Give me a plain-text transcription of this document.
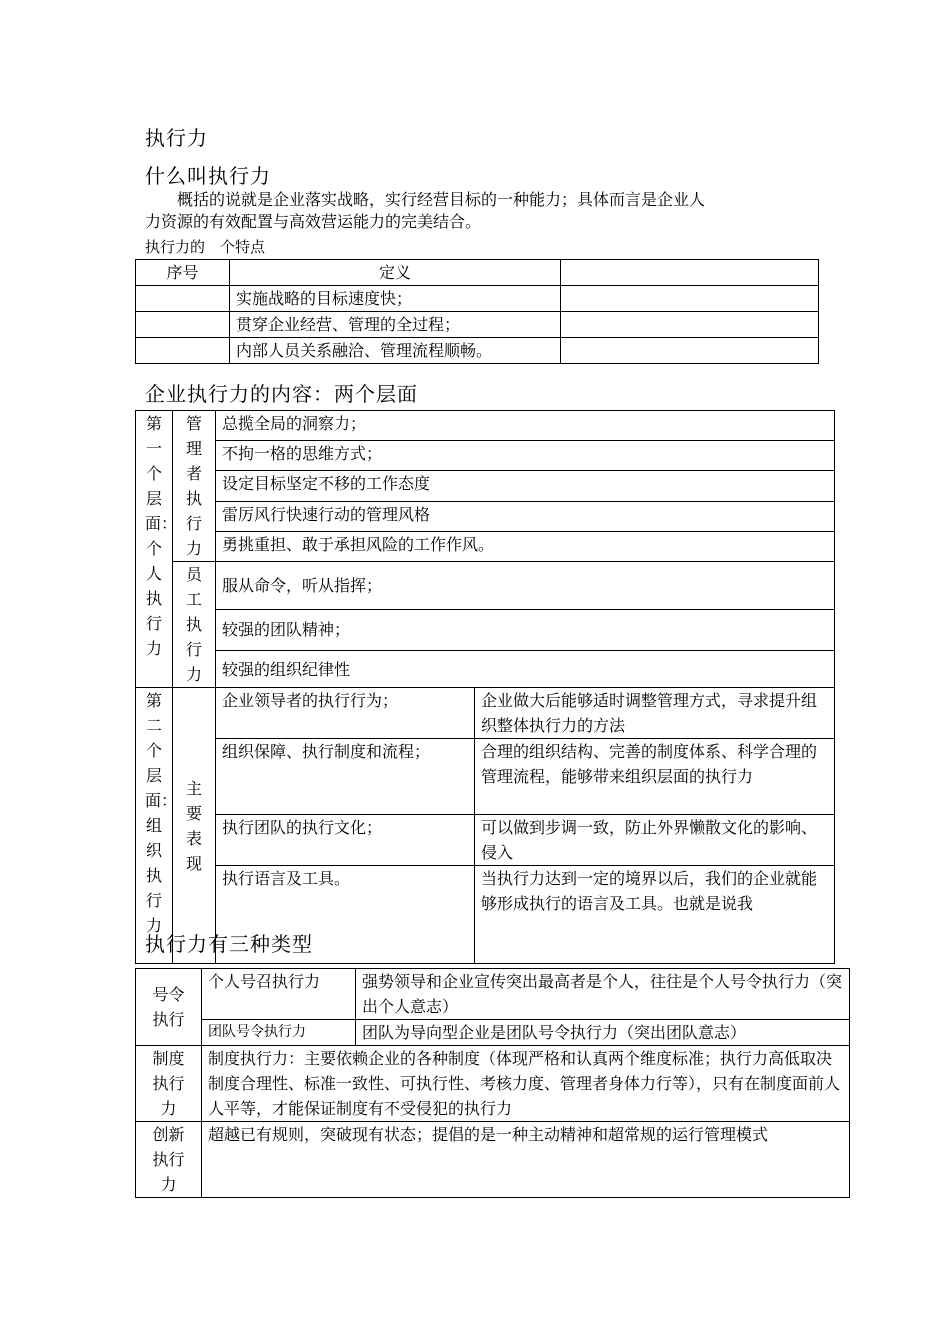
执行力
什么叫执行力
概括的说就是企业落实战略，实行经营目标的一种能力；具体而言是企业人
力资源的有效配置与高效营运能力的完美结合。
执行力的　个特点
序号	定义	
	实施战略的目标速度快；	
	贯穿企业经营、管理的全过程；	
	内部人员关系融洽、管理流程顺畅。	
企业执行力的内容：两个层面
第一个层面：个人执行力	管理者执行力	总揽全局的洞察力；	
		不拘一格的思维方式；	
		设定目标坚定不移的工作态度	
		雷厉风行快速行动的管理风格	
		勇挑重担、敢于承担风险的工作作风。	

	员工执行力	服从命令，听从指挥；	
		较强的团队精神；	
		较强的组织纪律性	

第二个层面：组织执行力	主要表现	企业领导者的执行行为；	企业做大后能够适时调整管理方式，寻求提升组织整体执行力的方法
		组织保障、执行制度和流程；	合理的组织结构、完善的制度体系、科学合理的管理流程，能够带来组织层面的执行力
		执行团队的执行文化；	可以做到步调一致，防止外界懒散文化的影响、侵入
		执行语言及工具。	当执行力达到一定的境界以后，我们的企业就能够形成执行的语言及工具。也就是说我
执行力有三种类型
号令执行	个人号召执行力	强势领导和企业宣传突出最高者是个人，往往是个人号令执行力（突出个人意志）
	团队号令执行力	团队为导向型企业是团队号令执行力（突出团队意志）

制度执行力	制度执行力：主要依赖企业的各种制度（体现严格和认真两个维度标准；执行力高低取决制度合理性、标准一致性、可执行性、考核力度、管理者身体力行等），只有在制度面前人人平等，才能保证制度有不受侵犯的执行力	

创新执行力	超越已有规则，突破现有状态；提倡的是一种主动精神和超常规的运行管理模式	
